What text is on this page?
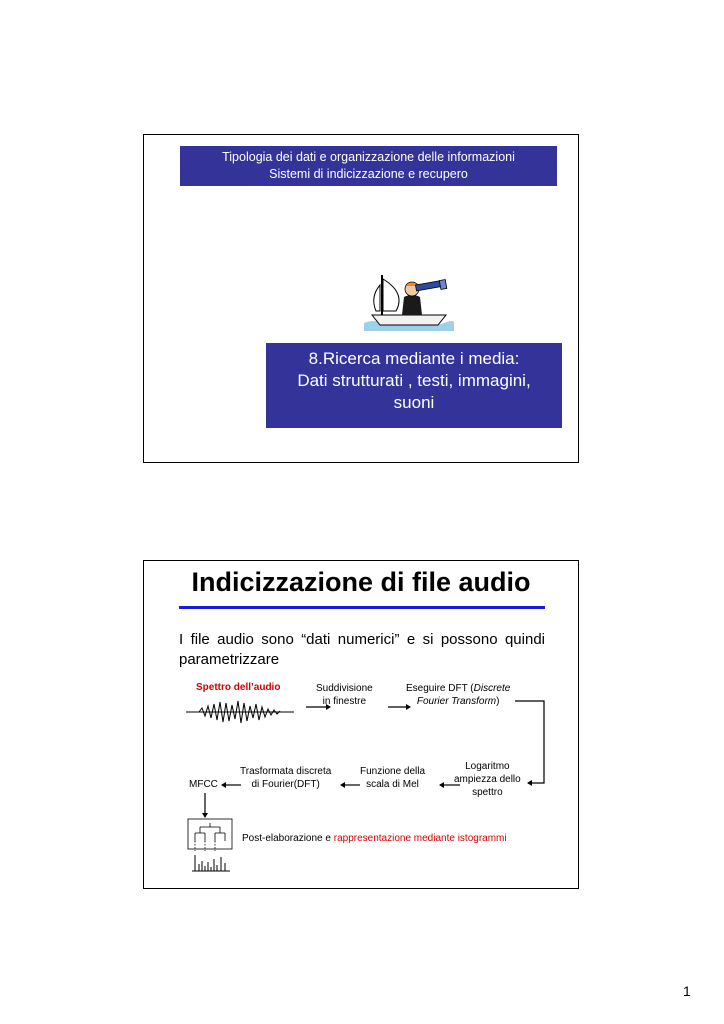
Tipologia dei dati e organizzazione delle informazioni
Sistemi di indicizzazione e recupero
8.Ricerca mediante i media:
Dati strutturati , testi, immagini,
suoni
Indicizzazione di file audio
I file audio sono “dati numerici” e si possono quindi parametrizzare
Spettro dell’audio	Suddivisione
in finestre
Eseguire DFT (Discrete
Fourier Transform)
Logaritmo
ampiezza dello
spettro
Funzione della
scala di Mel
Trasformata discreta
di Fourier(DFT)
MFCC
Post-elaborazione e rappresentazione mediante istogrammi
1
